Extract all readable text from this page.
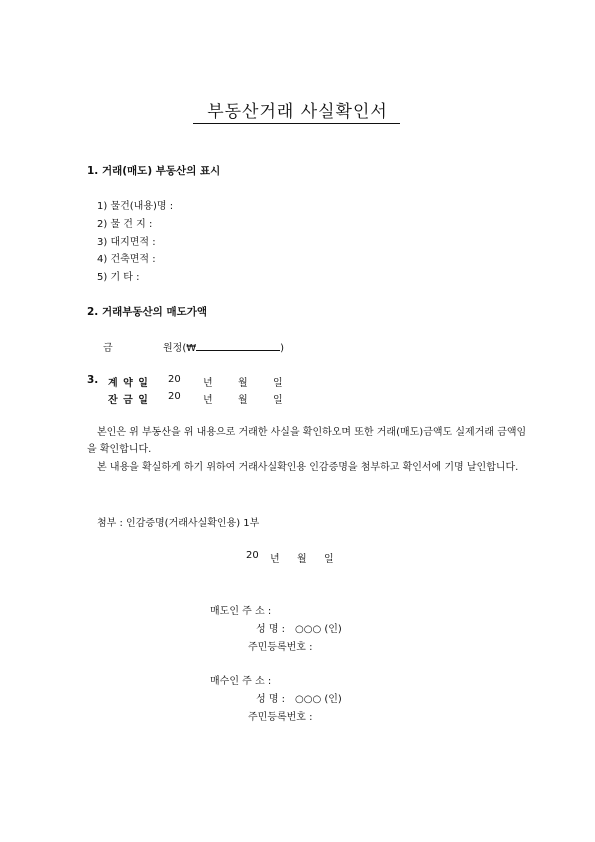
부동산거래 사실확인서
1. 거래(매도) 부동산의 표시
1) 물건(내용)명 :
2) 물 건 지 :
3) 대지면적 :
4) 건축면적 :
5) 기 타 :
2. 거래부동산의 매도가액
금	원정(₩	)
3. 계 약 일 20 년	월	일
잔 금 일 20 년	월	일
본인은 위 부동산을 위 내용으로 거래한 사실을 확인하오며 또한 거래(매도)금액도 실제거래 금액임을 확인합니다.
본 내용을 확실하게 하기 위하여 거래사실확인용 인감증명을 첨부하고 확인서에 기명 날인합니다.
첨부 : 인감증명(거래사실확인용) 1부
20 년 월 일
매도인 주 소 :
성 명 : ○○○ (인)
주민등록번호 :
매수인 주 소 :
성 명 : ○○○ (인)
주민등록번호 :
